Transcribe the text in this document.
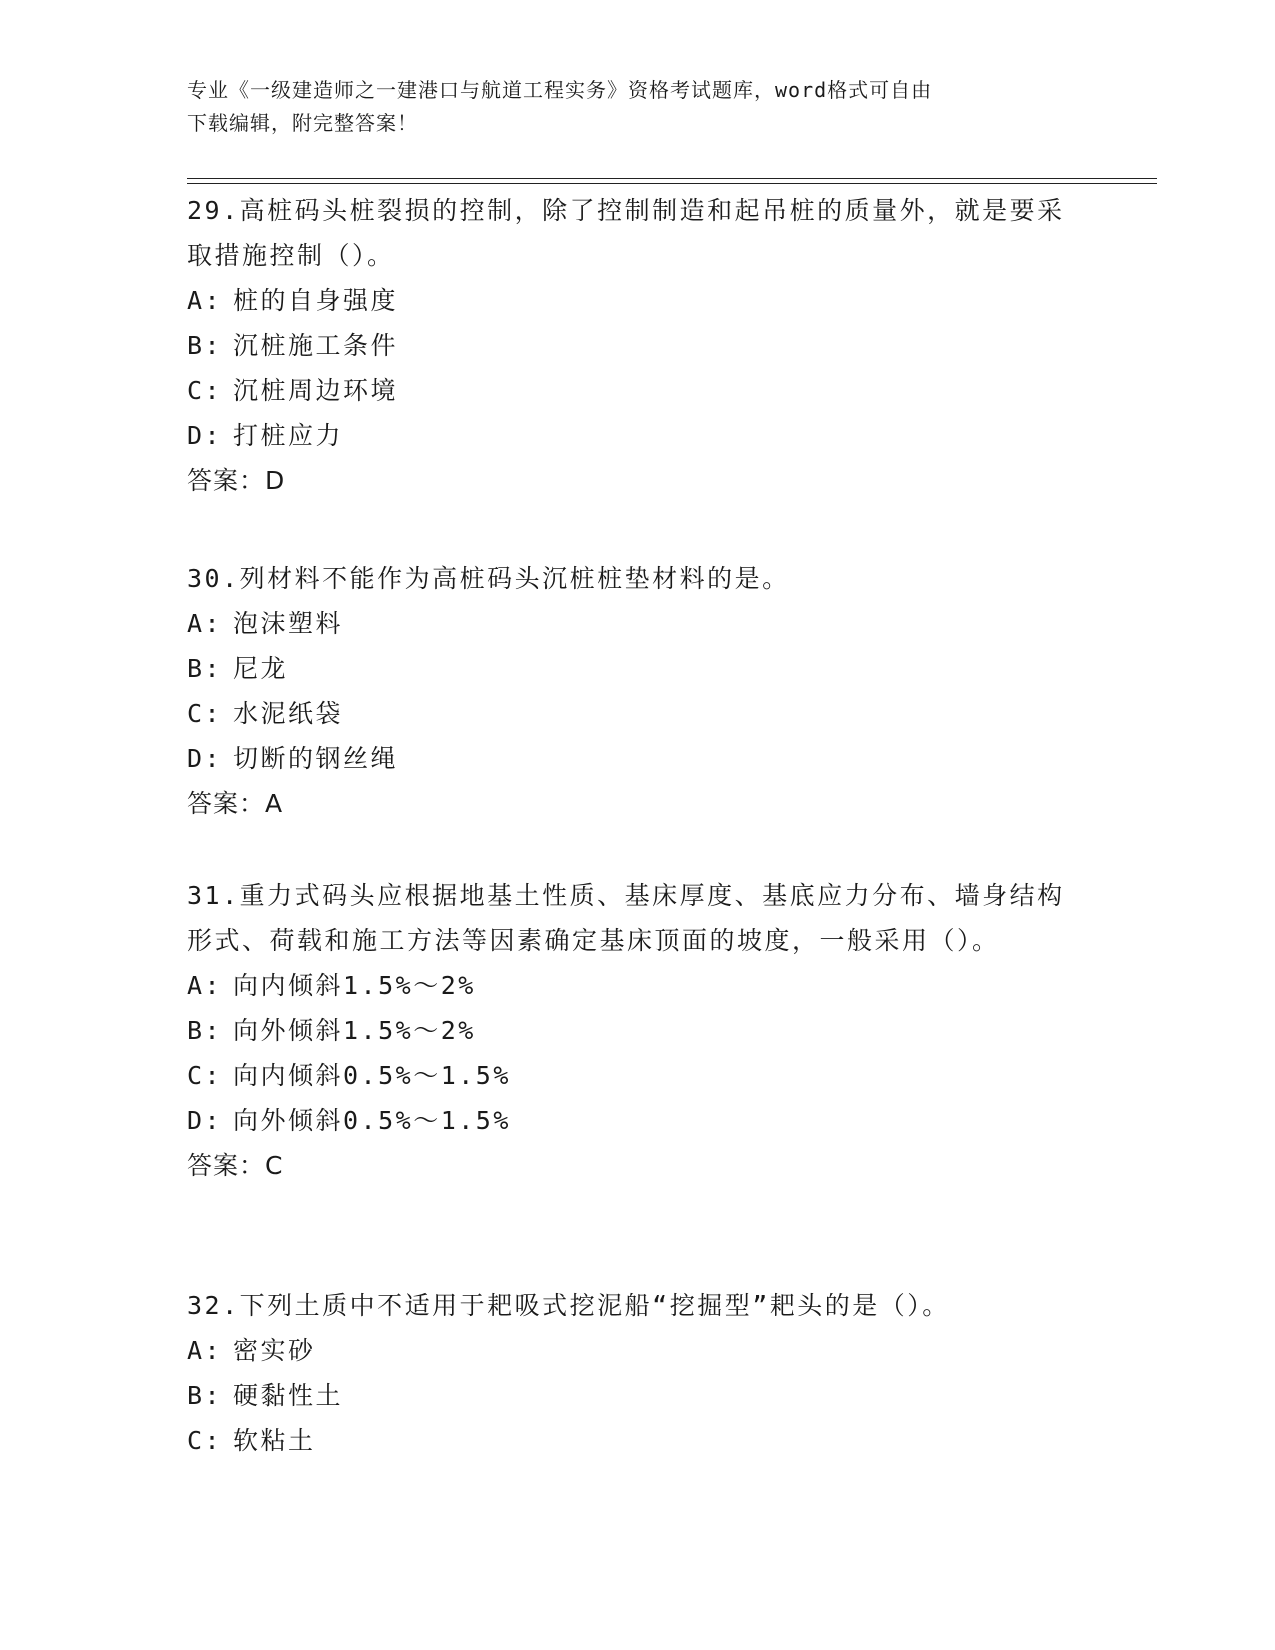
专业《一级建造师之一建港口与航道工程实务》资格考试题库，word格式可自由
下载编辑，附完整答案！
29.高桩码头桩裂损的控制，除了控制制造和起吊桩的质量外，就是要采取措施控制（）。
A: 桩的自身强度
B: 沉桩施工条件
C: 沉桩周边环境
D: 打桩应力
答案：D
30.列材料不能作为高桩码头沉桩桩垫材料的是。
A: 泡沫塑料
B: 尼龙
C: 水泥纸袋
D: 切断的钢丝绳
答案：A
31.重力式码头应根据地基土性质、基床厚度、基底应力分布、墙身结构形式、荷载和施工方法等因素确定基床顶面的坡度，一般采用（）。
A: 向内倾斜1.5%～2%
B: 向外倾斜1.5%～2%
C: 向内倾斜0.5%～1.5%
D: 向外倾斜0.5%～1.5%
答案：C
32.下列土质中不适用于耙吸式挖泥船“挖掘型”耙头的是（）。
A: 密实砂
B: 硬黏性土
C: 软粘土
